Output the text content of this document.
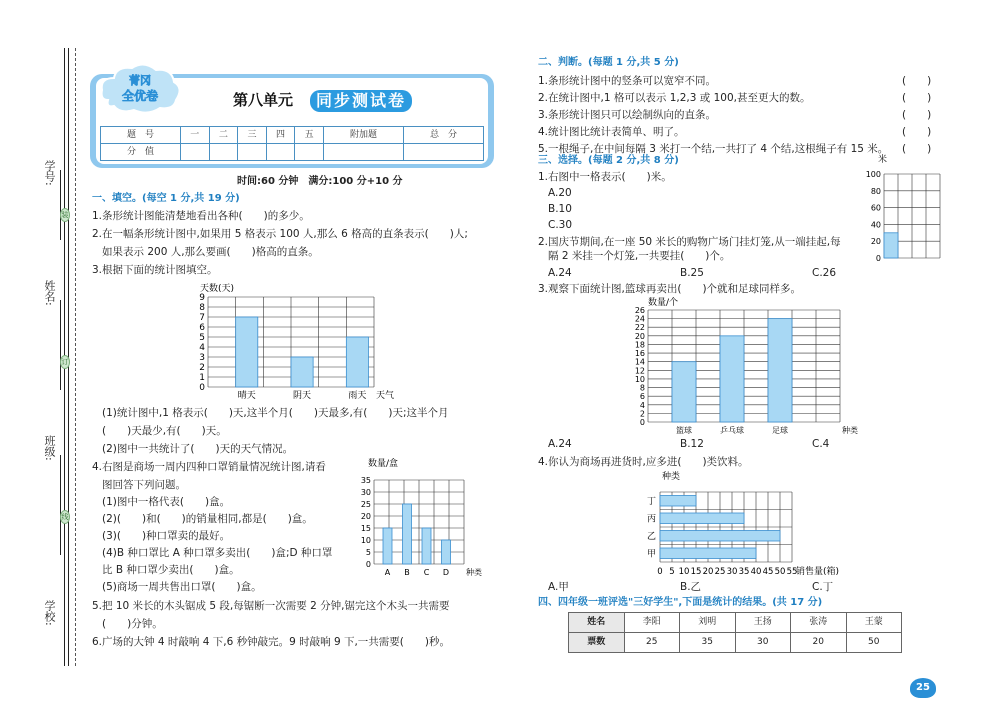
学号:
姓名:
班级:
学校:
装
订
线
菁冈
全优卷	第八单元	同步测试卷
题　号	一	二	三	四	五	附加题	总　分
分　值							
时间:60 分钟　满分:100 分+10 分
一、填空。(每空 1 分,共 19 分)
1.条形统计图能清楚地看出各种(　　)的多少。
2.在一幅条形统计图中,如果用 5 格表示 100 人,那么 6 格高的直条表示(　　)人;
如果表示 200 人,那么要画(　　)格高的直条。
3.根据下面的统计图填空。
天数(天)
0
1
2
3
4
5
6
7
8
9
晴天	阴天	雨天 天气
(1)统计图中,1 格表示(　　)天,这半个月(　　)天最多,有(　　)天;这半个月
(　　)天最少,有(　　)天。
(2)图中一共统计了(　　)天的天气情况。
4.右图是商场一周内四种口罩销量情况统计图,请看
图回答下列问题。
(1)图中一格代表(　　)盒。
(2)(　　)和(　　)的销量相同,都是(　　)盒。
(3)(　　)种口罩卖的最好。
(4)B 种口罩比 A 种口罩多卖出(　　)盒;D 种口罩
比 B 种口罩少卖出(　　)盒。
(5)商场一周共售出口罩(　　)盒。
数量/盒
0
5
10
15
20
25
30
35
A B C D 种类
5.把 10 米长的木头锯成 5 段,每锯断一次需要 2 分钟,锯完这个木头一共需要
(　　)分钟。
6.广场的大钟 4 时敲响 4 下,6 秒钟敲完。9 时敲响 9 下,一共需要(　　)秒。
二、判断。(每题 1 分,共 5 分)
1.条形统计图中的竖条可以宽窄不同。
2.在统计图中,1 格可以表示 1,2,3 或 100,甚至更大的数。
3.条形统计图只可以绘制纵向的直条。
4.统计图比统计表简单、明了。
5.一根绳子,在中间每隔 3 米打一个结,一共打了 4 个结,这根绳子有 15 米。
(　　)
(　　)
(　　)
(　　)
(　　)
三、选择。(每题 2 分,共 8 分)
1.右图中一格表示(　　)米。
A.20
B.10
C.30
米
0
20
40
60
80
100
2.国庆节期间,在一座 50 米长的购物广场门挂灯笼,从一端挂起,每
隔 2 米挂一个灯笼,一共要挂(　　)个。
A.24	B.25	C.26
3.观察下面统计图,篮球再卖出(　　)个就和足球同样多。
数量/个
0
2
4
6
8
10
12
14
16
18
20
22
24
26
篮球	乒乓球	足球	种类
A.24	B.12	C.4
4.你认为商场再进货时,应多进(　　)类饮料。
种类
0 5 10 15 20 25 30 35 40 45 50 55
丁
丙
乙
甲
销售量(箱)
A.甲	B.乙	C.丁
四、四年级一班评选"三好学生",下面是统计的结果。(共 17 分)
姓名	李阳	刘明	王扬	张涛	王蒙
票数	25	35	30	20	50
25
